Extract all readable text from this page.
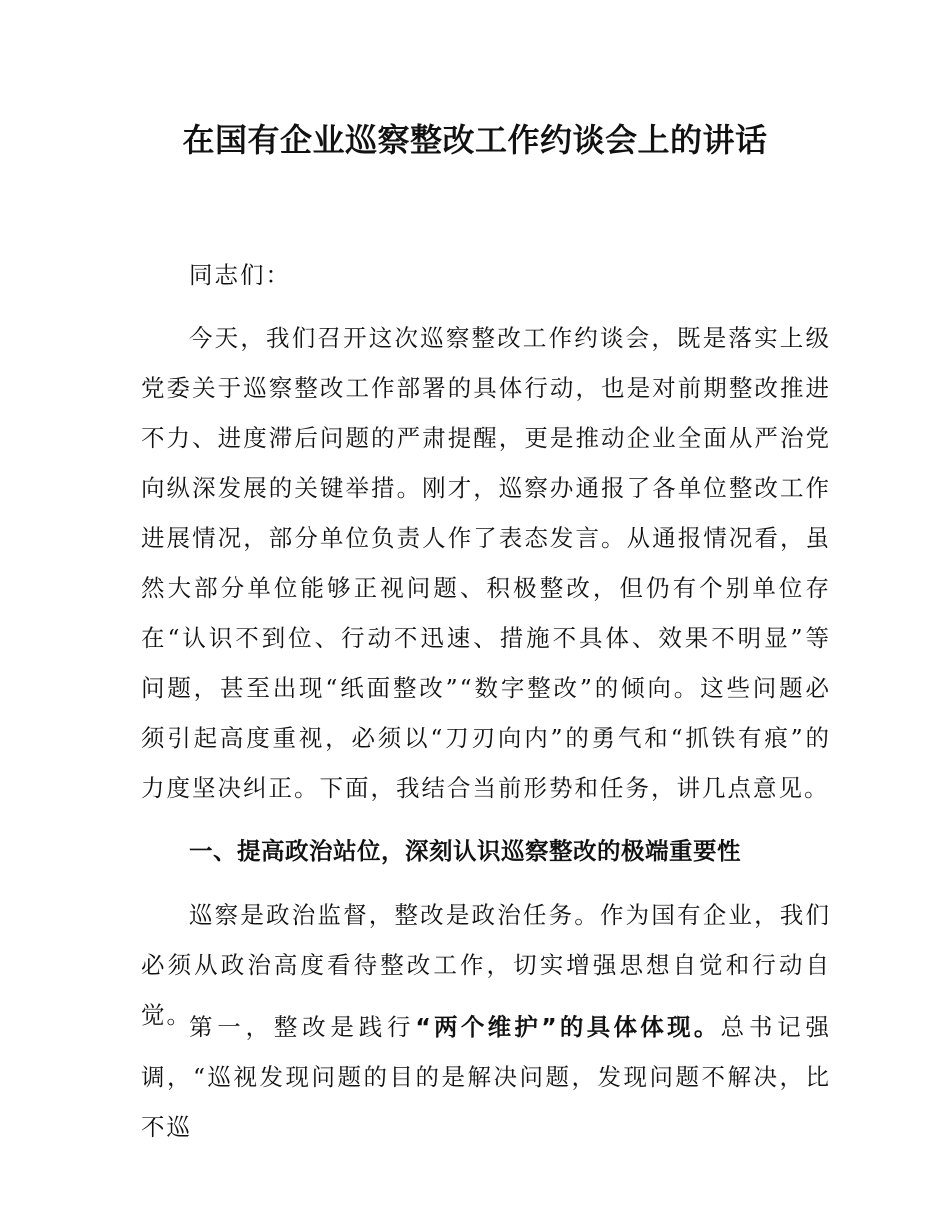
在国有企业巡察整改工作约谈会上的讲话

同志们：

今天，我们召开这次巡察整改工作约谈会，既是落实上级党委关于巡察整改工作部署的具体行动，也是对前期整改推进不力、进度滞后问题的严肃提醒，更是推动企业全面从严治党向纵深发展的关键举措。刚才，巡察办通报了各单位整改工作进展情况，部分单位负责人作了表态发言。从通报情况看，虽然大部分单位能够正视问题、积极整改，但仍有个别单位存在“认识不到位、行动不迅速、措施不具体、效果不明显”等问题，甚至出现“纸面整改”“数字整改”的倾向。这些问题必须引起高度重视，必须以“刀刃向内”的勇气和“抓铁有痕”的力度坚决纠正。下面，我结合当前形势和任务，讲几点意见。

一、提高政治站位，深刻认识巡察整改的极端重要性

巡察是政治监督，整改是政治任务。作为国有企业，我们必须从政治高度看待整改工作，切实增强思想自觉和行动自觉。

第一，整改是践行“两个维护”的具体体现。总书记强调，“巡视发现问题的目的是解决问题，发现问题不解决，比不巡
